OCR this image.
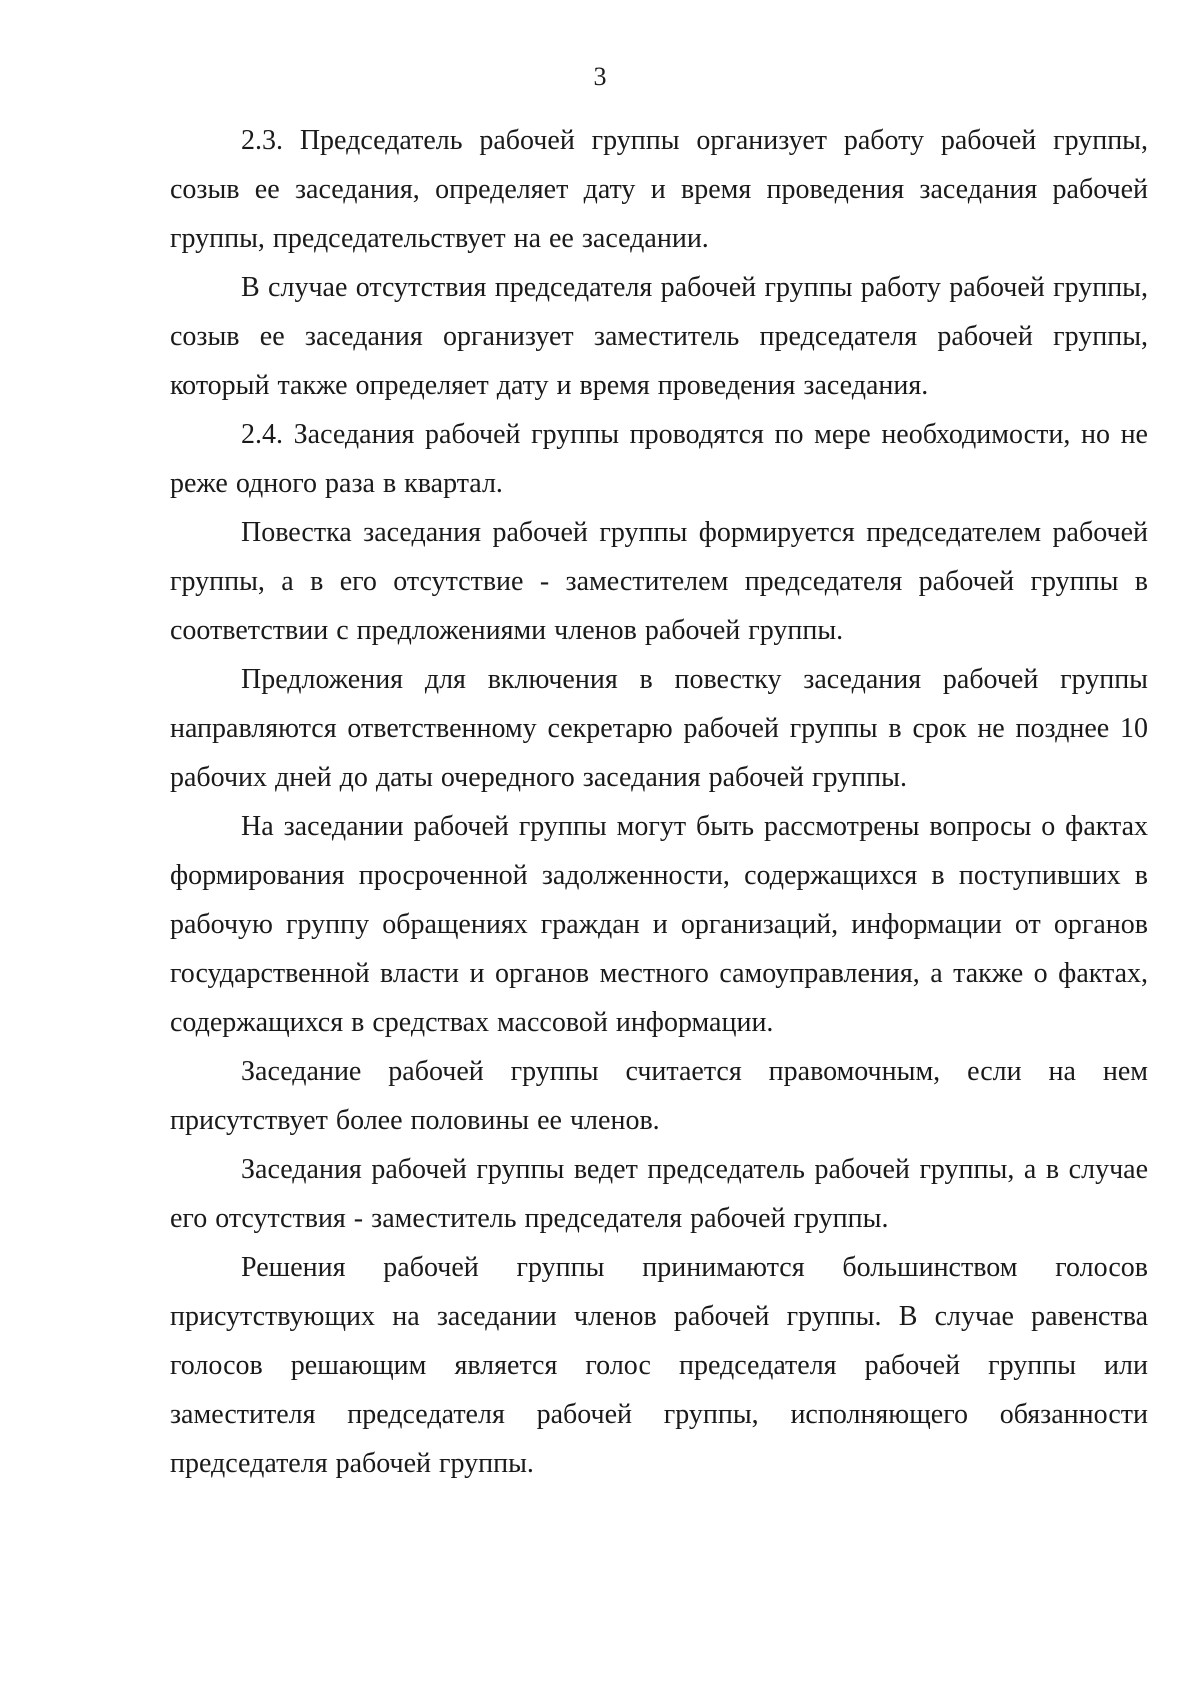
3

2.3. Председатель рабочей группы организует работу рабочей группы, созыв ее заседания, определяет дату и время проведения заседания рабочей группы, председательствует на ее заседании.

В случае отсутствия председателя рабочей группы работу рабочей группы, созыв ее заседания организует заместитель председателя рабочей группы, который также определяет дату и время проведения заседания.

2.4. Заседания рабочей группы проводятся по мере необходимости, но не реже одного раза в квартал.

Повестка заседания рабочей группы формируется председателем рабочей группы, а в его отсутствие - заместителем председателя рабочей группы в соответствии с предложениями членов рабочей группы.

Предложения для включения в повестку заседания рабочей группы направляются ответственному секретарю рабочей группы в срок не позднее 10 рабочих дней до даты очередного заседания рабочей группы.

На заседании рабочей группы могут быть рассмотрены вопросы о фактах формирования просроченной задолженности, содержащихся в поступивших в рабочую группу обращениях граждан и организаций, информации от органов государственной власти и органов местного самоуправления, а также о фактах, содержащихся в средствах массовой информации.

Заседание рабочей группы считается правомочным, если на нем присутствует более половины ее членов.

Заседания рабочей группы ведет председатель рабочей группы, а в случае его отсутствия - заместитель председателя рабочей группы.

Решения рабочей группы принимаются большинством голосов присутствующих на заседании членов рабочей группы. В случае равенства голосов решающим является голос председателя рабочей группы или заместителя председателя рабочей группы, исполняющего обязанности председателя рабочей группы.
